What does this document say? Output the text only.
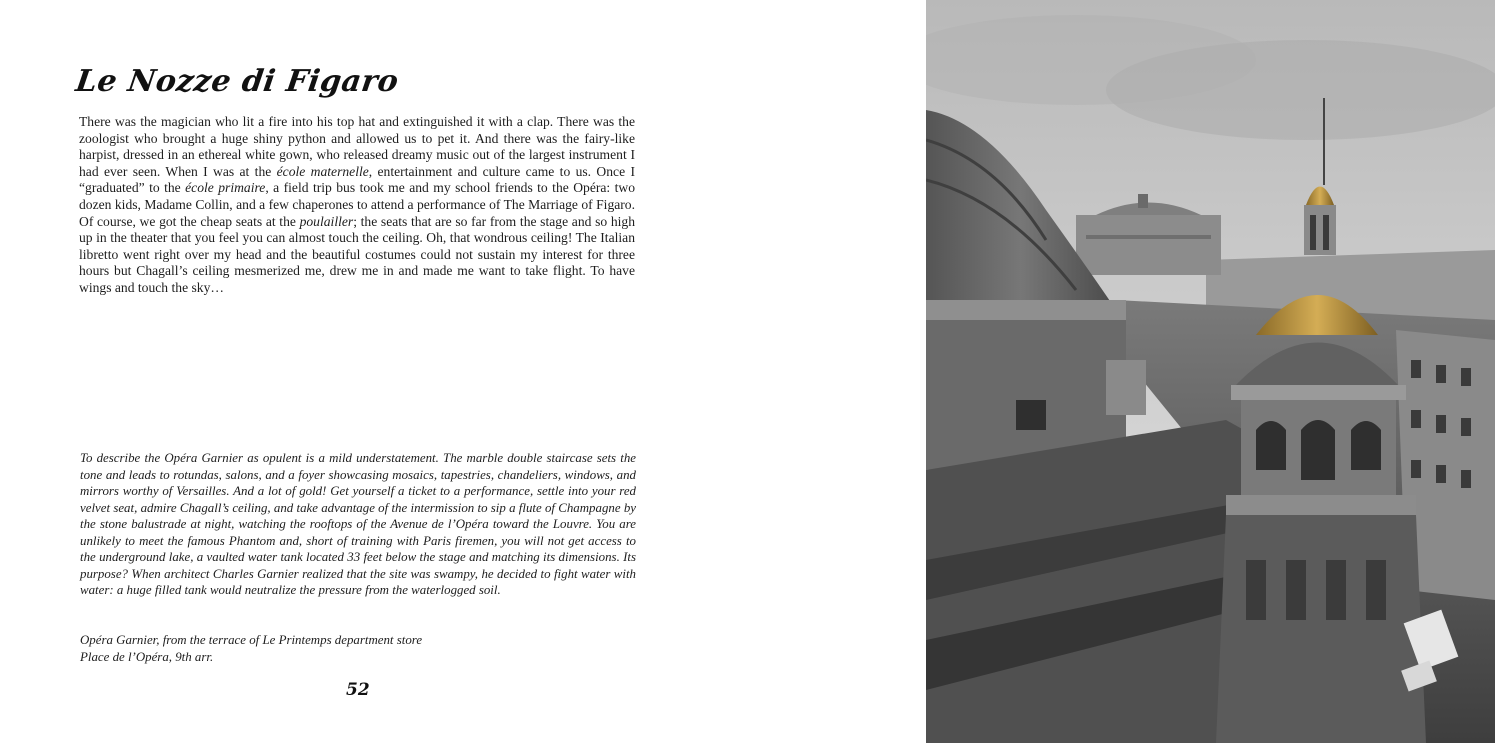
Le Nozze di Figaro

There was the magician who lit a fire into his top hat and extinguished it with a clap. There was the zoologist who brought a huge shiny python and allowed us to pet it. And there was the fairy-like harpist, dressed in an ethereal white gown, who released dreamy music out of the largest instrument I had ever seen. When I was at the école maternelle, entertainment and culture came to us. Once I “graduated” to the école primaire, a field trip bus took me and my school friends to the Opéra: two dozen kids, Madame Collin, and a few chaperones to attend a performance of The Marriage of Figaro. Of course, we got the cheap seats at the poulailler; the seats that are so far from the stage and so high up in the theater that you feel you can almost touch the ceiling. Oh, that wondrous ceiling! The Italian libretto went right over my head and the beautiful costumes could not sustain my interest for three hours but Chagall’s ceiling mesmerized me, drew me in and made me want to take flight. To have wings and touch the sky…

To describe the Opéra Garnier as opulent is a mild understatement. The marble double staircase sets the tone and leads to rotundas, salons, and a foyer showcasing mosaics, tapestries, chandeliers, windows, and mirrors worthy of Versailles. And a lot of gold! Get yourself a ticket to a performance, settle into your red velvet seat, admire Chagall’s ceiling, and take advantage of the intermission to sip a flute of Champagne by the stone balustrade at night, watching the rooftops of the Avenue de l’Opéra toward the Louvre. You are unlikely to meet the famous Phantom and, short of training with Paris firemen, you will not get access to the underground lake, a vaulted water tank located 33 feet below the stage and matching its dimensions. Its purpose? When architect Charles Garnier realized that the site was swampy, he decided to fight water with water: a huge filled tank would neutralize the pressure from the waterlogged soil.

Opéra Garnier, from the terrace of Le Printemps department store
Place de l’Opéra, 9th arr.

52
